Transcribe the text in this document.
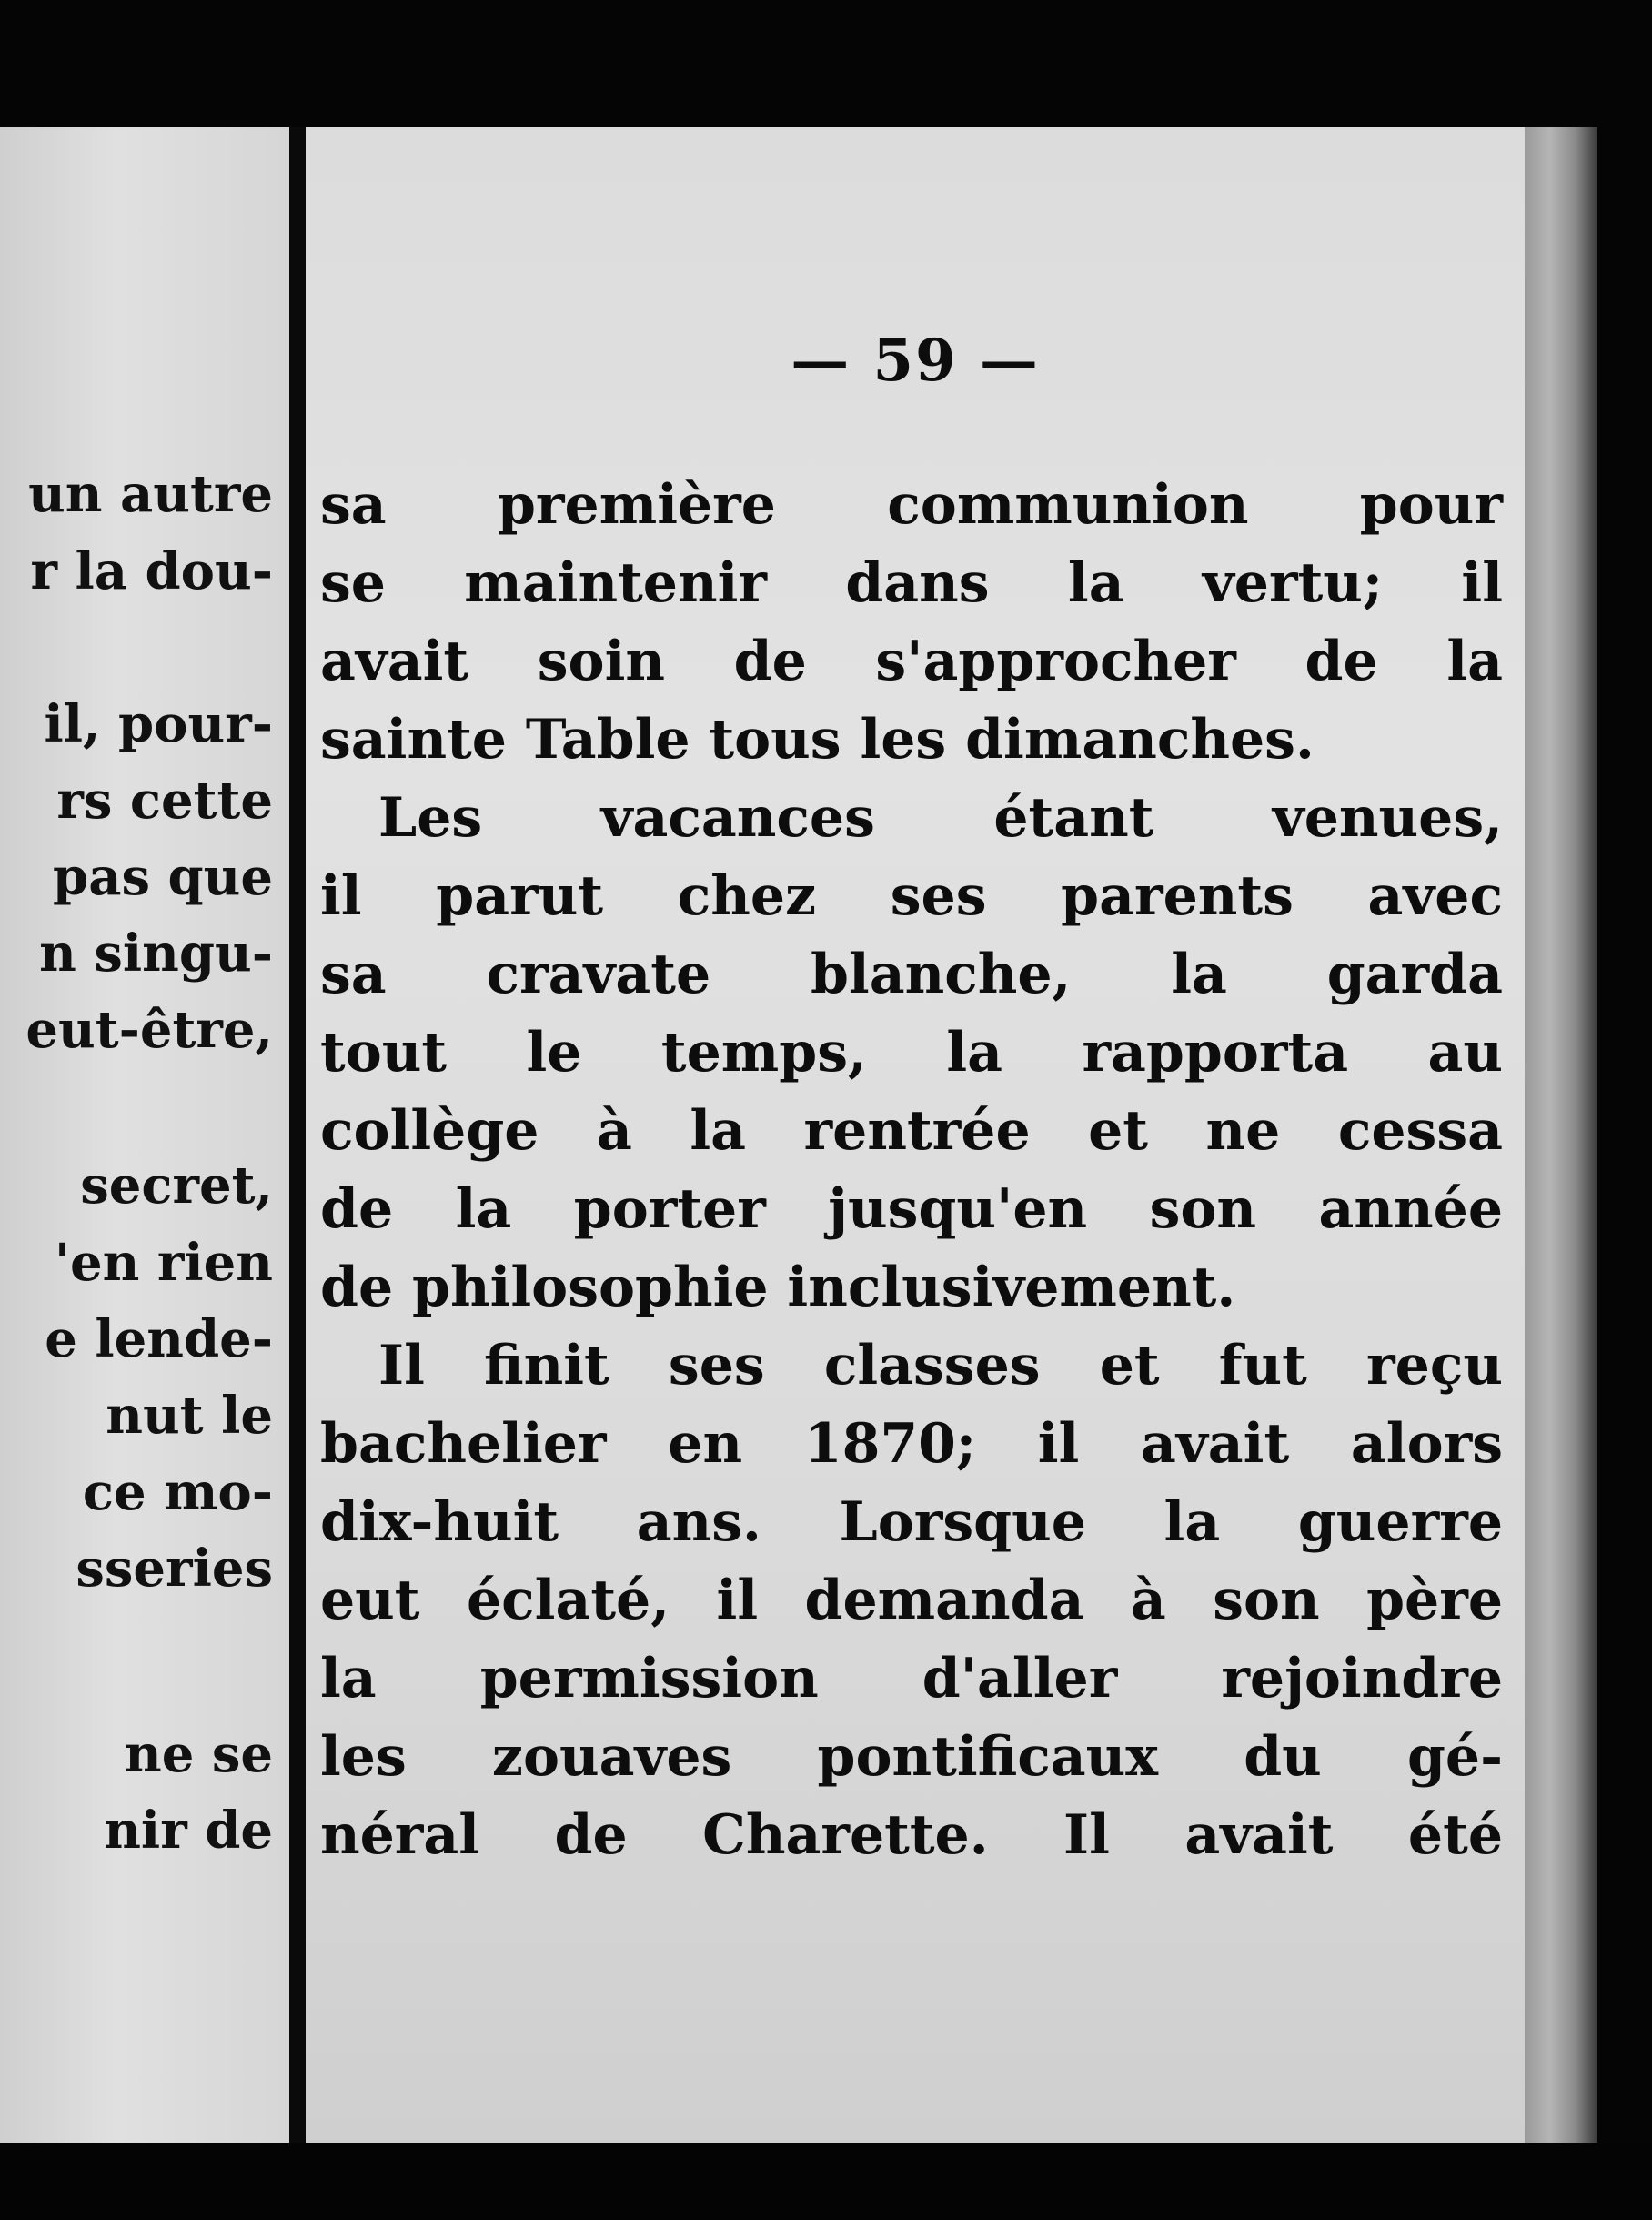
un autre
r la dou-
il, pour-
rs cette
pas que
n singu-
eut-être,
secret,
'en rien
e lende-
nut le
ce mo-
sseries
ne se
nir de
— 59 —
sa première communion pour
se maintenir dans la vertu; il
avait soin de s'approcher de la
sainte Table tous les dimanches.
Les vacances étant venues,
il parut chez ses parents avec
sa cravate blanche, la garda
tout le temps, la rapporta au
collège à la rentrée et ne cessa
de la porter jusqu'en son année
de philosophie inclusivement.
Il finit ses classes et fut reçu
bachelier en 1870; il avait alors
dix-huit ans. Lorsque la guerre
eut éclaté, il demanda à son père
la permission d'aller rejoindre
les zouaves pontificaux du gé-
néral de Charette. Il avait été
